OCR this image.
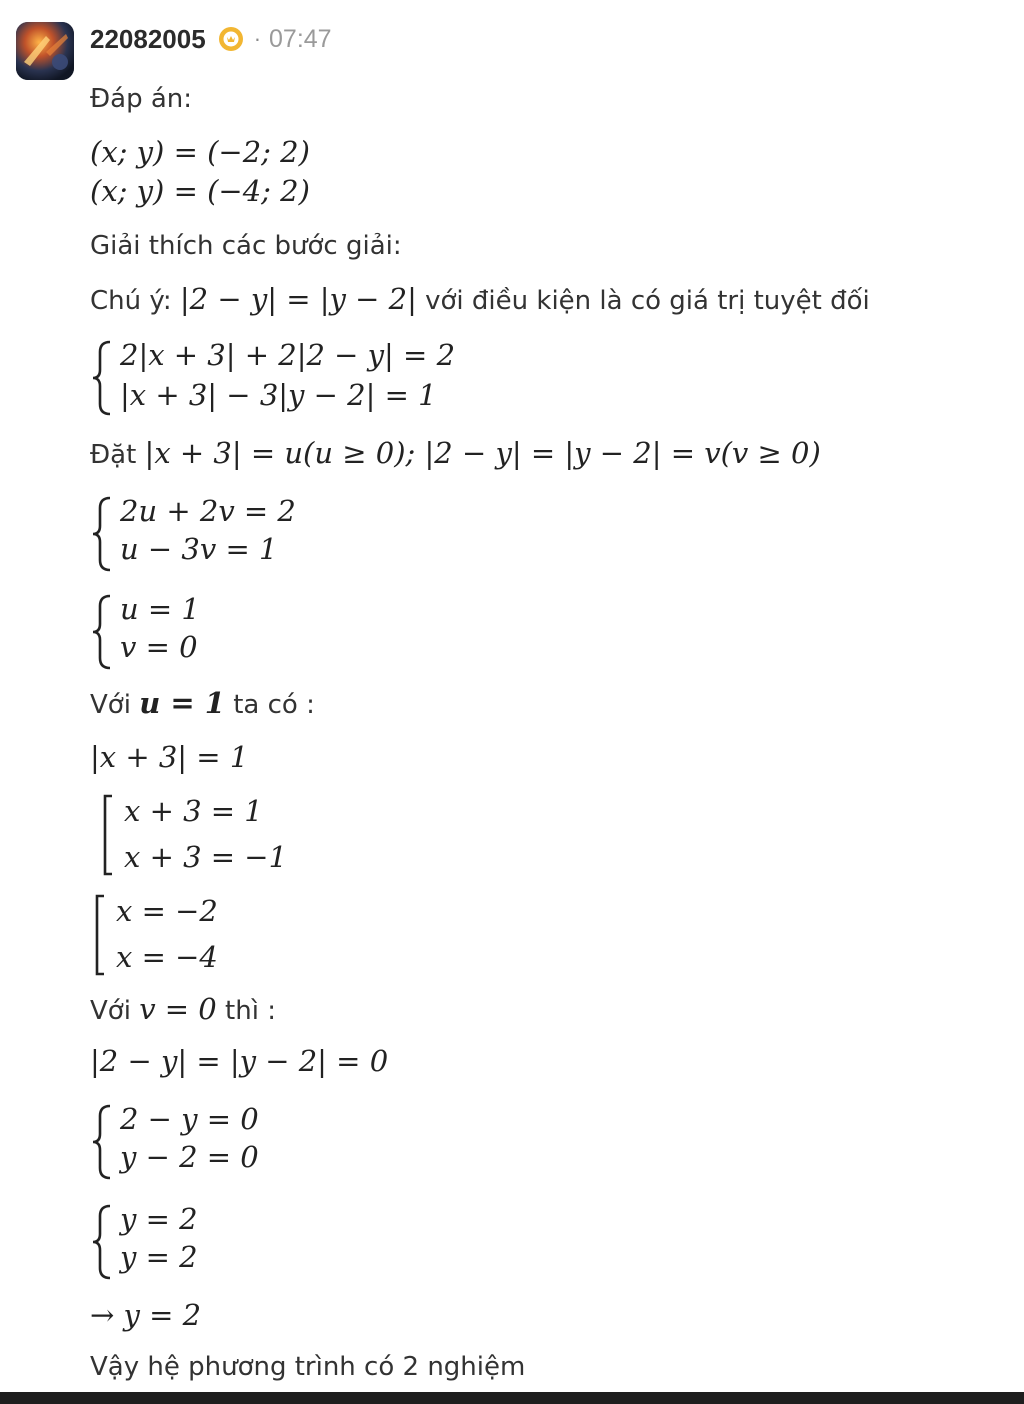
22082005 · 07:47
Đáp án:
(x; y) = (−2; 2)
(x; y) = (−4; 2)
Giải thích các bước giải:
Chú ý: |2 − y| = |y − 2| với điều kiện là có giá trị tuyệt đối
2|x + 3| + 2|2 − y| = 2
|x + 3| − 3|y − 2| = 1
Đặt |x + 3| = u(u ≥ 0); |2 − y| = |y − 2| = v(v ≥ 0)
2u + 2v = 2
u − 3v = 1
u = 1
v = 0
Với u = 1 ta có :
|x + 3| = 1
x + 3 = 1
x + 3 = −1
x = −2
x = −4
Với v = 0 thì :
|2 − y| = |y − 2| = 0
2 − y = 0
y − 2 = 0
y = 2
y = 2
→ y = 2
Vậy hệ phương trình có 2 nghiệm
